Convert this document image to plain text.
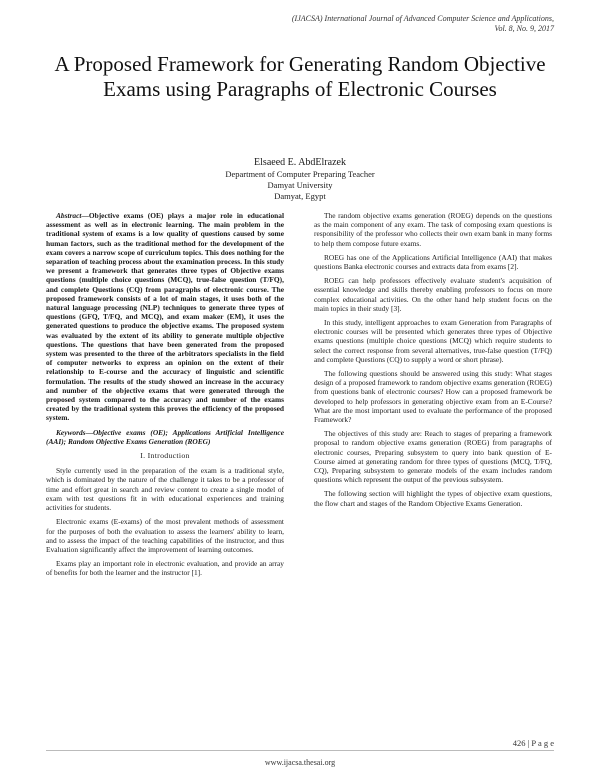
(IJACSA) International Journal of Advanced Computer Science and Applications,
Vol. 8, No. 9, 2017
A Proposed Framework for Generating Random Objective Exams using Paragraphs of Electronic Courses
Elsaeed E. AbdElrazek
Department of Computer Preparing Teacher
Damyat University
Damyat, Egypt

Abstract—Objective exams (OE) plays a major role in educational assessment as well as in electronic learning. The main problem in the traditional system of exams is a low quality of questions caused by some human factors, such as the traditional method for the development of the exam covers a narrow scope of curriculum topics. This does nothing for the separation of teaching process about the examination process. In this study we present a framework that generates three types of Objective exams questions (multiple choice questions (MCQ), true-false question (T/FQ), and complete Questions (CQ) from paragraphs of electronic course. The proposed framework consists of a lot of main stages, it uses both of the natural language processing (NLP) techniques to generate three types of questions (GFQ, T/FQ, and MCQ), and exam maker (EM), it uses the generated questions to produce the objective exams. The proposed system was evaluated by the extent of its ability to generate multiple objective questions. The questions that have been generated from the proposed system was presented to the three of the arbitrators specialists in the field of computer networks to express an opinion on the extent of their relationship to E-course and the accuracy of linguistic and scientific formulation. The results of the study showed an increase in the accuracy and number of the objective exams that were generated through the proposed system compared to the accuracy and number of the exams created by the traditional system this proves the efficiency of the proposed system.

Keywords—Objective exams (OE); Applications Artificial Intelligence (AAI); Random Objective Exams Generation (ROEG)

I. Introduction

Style currently used in the preparation of the exam is a traditional style, which is dominated by the nature of the challenge it takes to be a professor of time and effort great in search and review content to create a single model of exam with test questions fit in with educational experiences and training activities for students.

Electronic exams (E-exams) of the most prevalent methods of assessment for the purposes of both the evaluation to assess the learners' ability to learn, and to assess the impact of the teaching capabilities of the instructor, and thus Evaluation significantly affect the improvement of learning outcomes.

Exams play an important role in electronic evaluation, and provide an array of benefits for both the learner and the instructor [1].

The random objective exams generation (ROEG) depends on the questions as the main component of any exam. The task of composing exam questions is responsibility of the professor who collects their own exam bank in many forms to help them compose future exams.

ROEG has one of the Applications Artificial Intelligence (AAI) that makes questions Banka electronic courses and extracts data from exams [2].

ROEG can help professors effectively evaluate student's acquisition of essential knowledge and skills thereby enabling professors to focus on more complex educational activities. On the other hand help student focus on the main topics in their study [3].

In this study, intelligent approaches to exam Generation from Paragraphs of electronic courses will be presented which generates three types of Objective exams questions (multiple choice questions (MCQ) which require students to select the correct response from several alternatives, true-false question (T/FQ) and complete Questions (CQ) to supply a word or short phrase).

The following questions should be answered using this study: What stages design of a proposed framework to random objective exams generation (ROEG) from questions bank of electronic courses? How can a proposed framework be developed to help professors in generating objective exam from an E-Course? What are the most important used to evaluate the performance of the proposed Framework?

The objectives of this study are: Reach to stages of preparing a framework proposal to random objective exams generation (ROEG) from paragraphs of electronic courses, Preparing subsystem to query into bank question of E-Course aimed at generating random for three types of questions (MCQ, T/FQ, CQ), Preparing subsystem to generate models of the exam includes random questions which represent the output of the previous subsystem.

The following section will highlight the types of objective exam questions, the flow chart and stages of the Random Objective Exams Generation.

426 | P a g e
www.ijacsa.thesai.org
